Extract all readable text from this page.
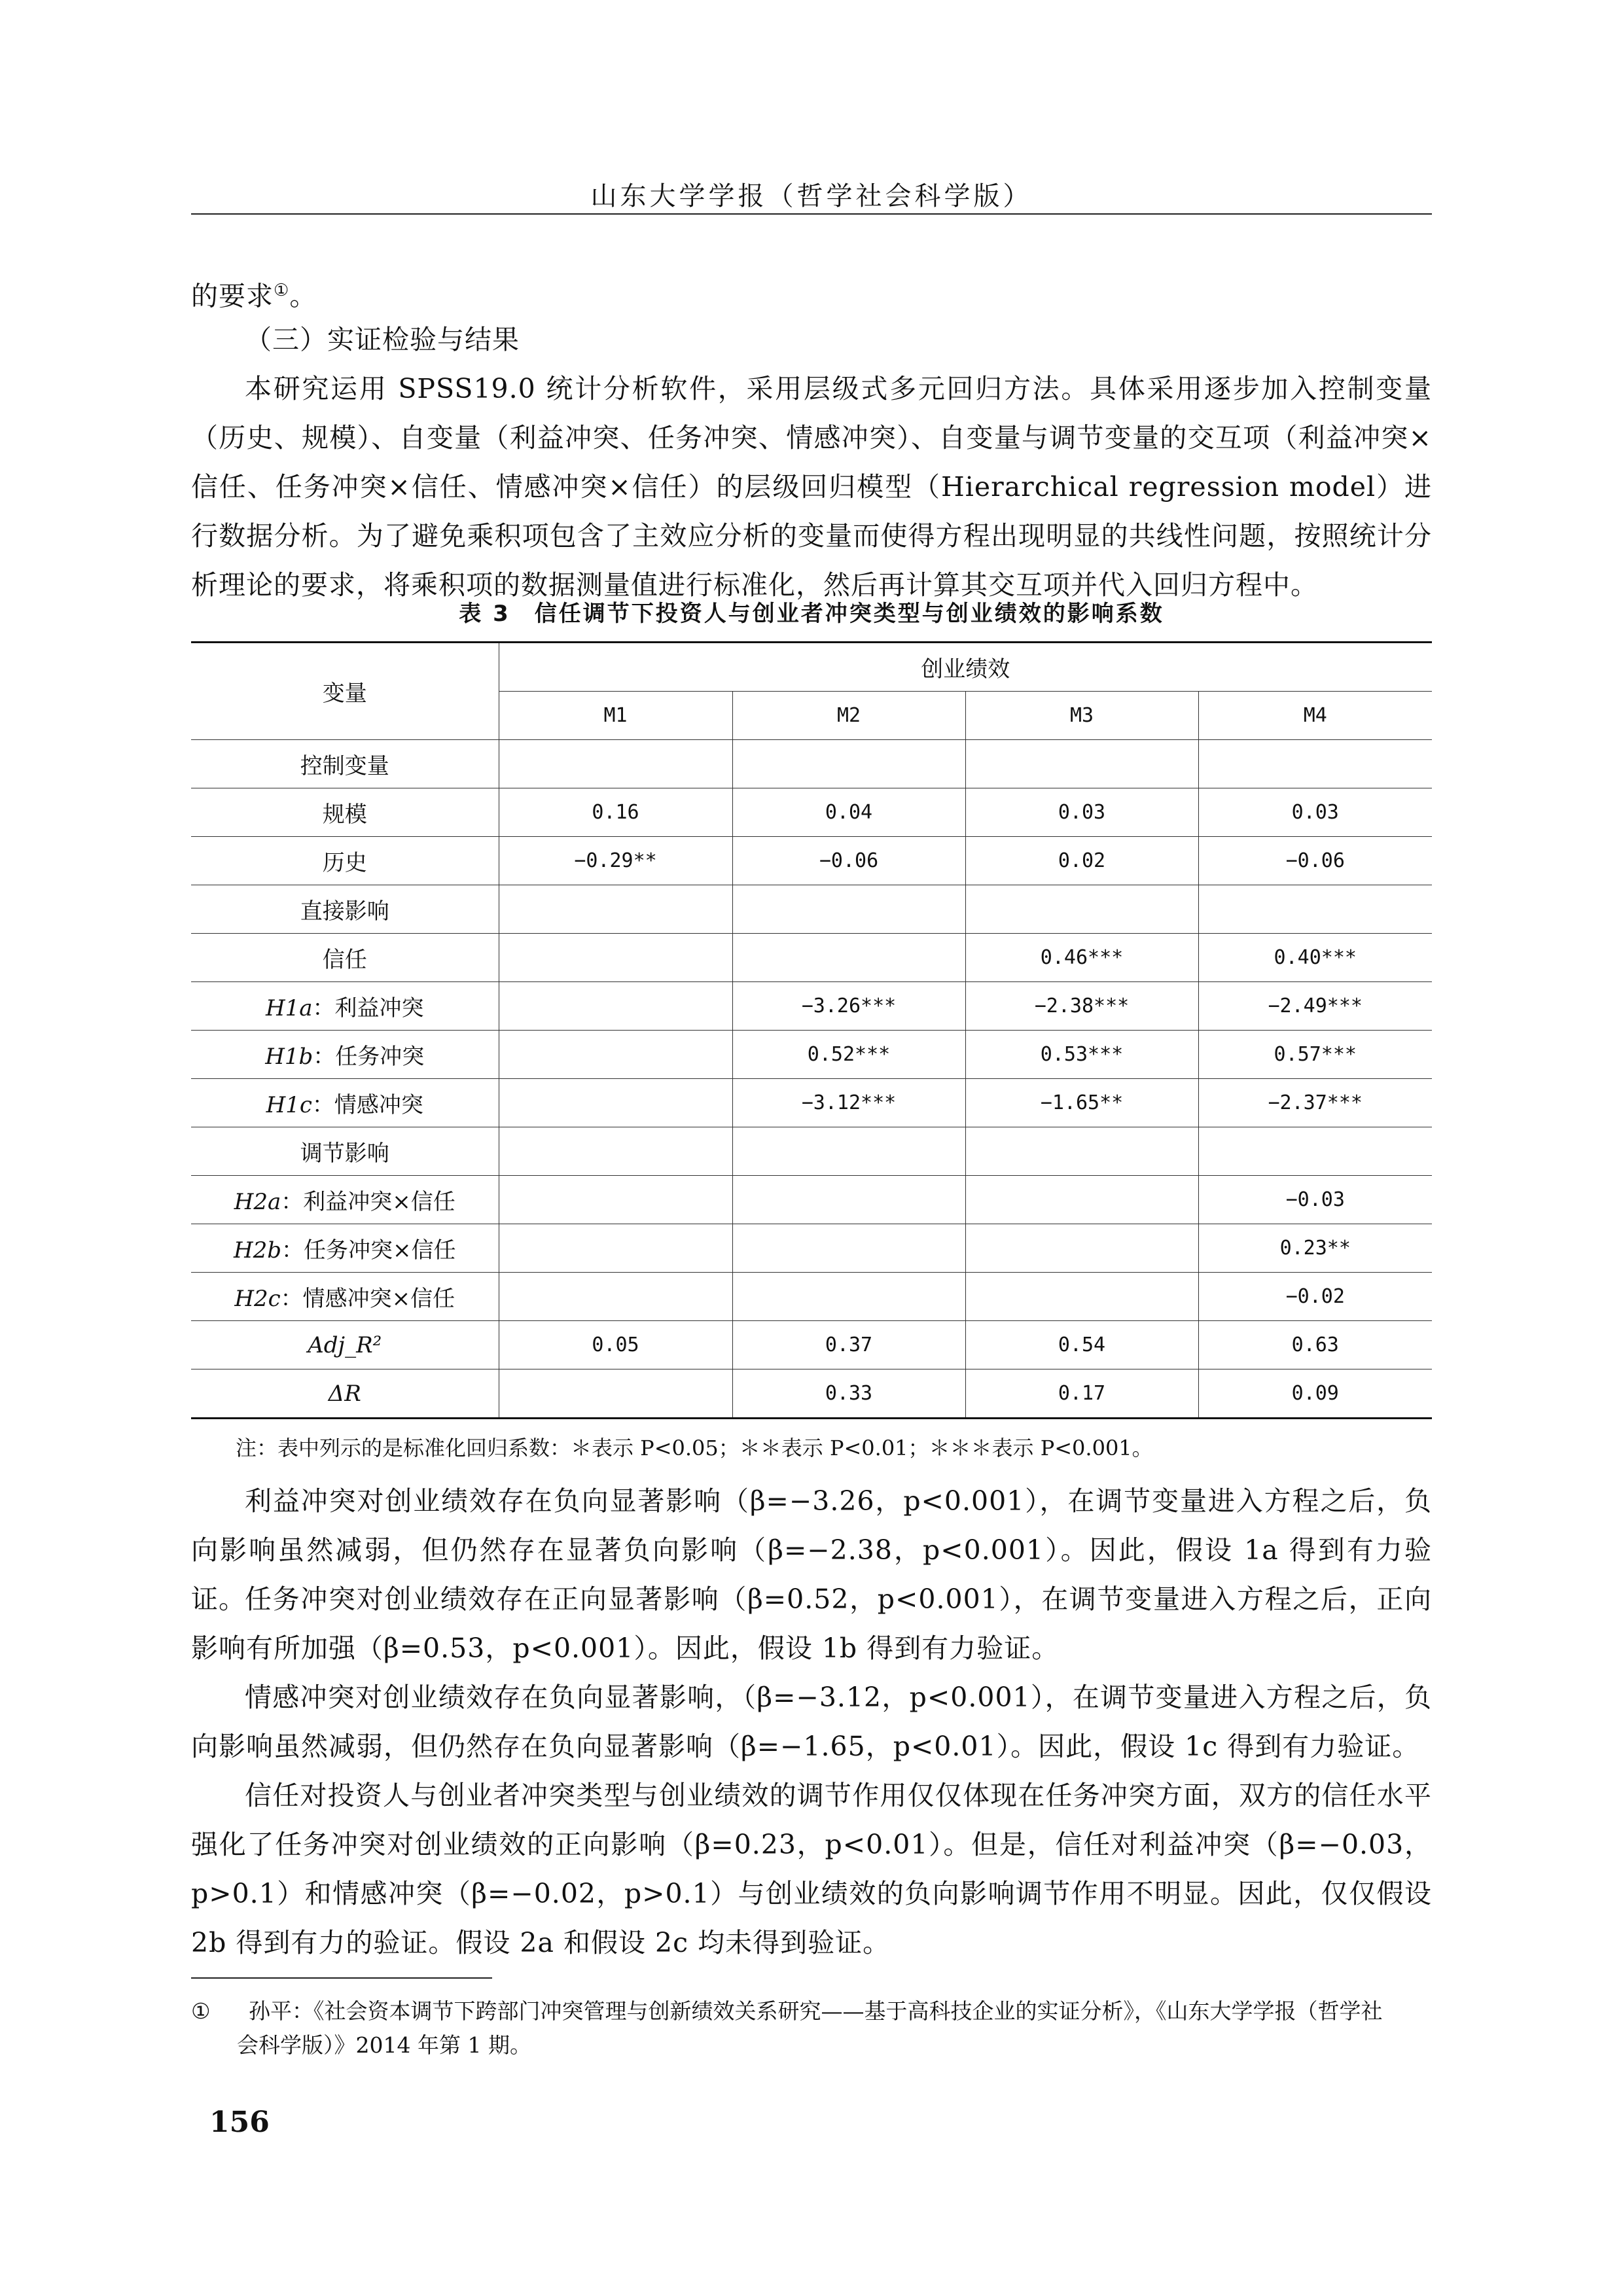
山东大学学报（哲学社会科学版）
的要求①。
（三）实证检验与结果
本研究运用 SPSS19.0 统计分析软件，采用层级式多元回归方法。具体采用逐步加入控制变量（历史、规模）、自变量（利益冲突、任务冲突、情感冲突）、自变量与调节变量的交互项（利益冲突×信任、任务冲突×信任、情感冲突×信任）的层级回归模型（Hierarchical regression model）进行数据分析。为了避免乘积项包含了主效应分析的变量而使得方程出现明显的共线性问题，按照统计分析理论的要求，将乘积项的数据测量值进行标准化，然后再计算其交互项并代入回归方程中。
表 3　信任调节下投资人与创业者冲突类型与创业绩效的影响系数
变量	创业绩效			
	M1	M2	M3	M4
控制变量				
规模	0.16	0.04	0.03	0.03
历史	−0.29**	−0.06	0.02	−0.06
直接影响				
信任			0.46***	0.40***
H1a：利益冲突		−3.26***	−2.38***	−2.49***
H1b：任务冲突		0.52***	0.53***	0.57***
H1c：情感冲突		−3.12***	−1.65**	−2.37***
调节影响				
H2a：利益冲突×信任				−0.03
H2b：任务冲突×信任				0.23**
H2c：情感冲突×信任				−0.02
Adj_R²	0.05	0.37	0.54	0.63
ΔR		0.33	0.17	0.09
注：表中列示的是标准化回归系数：＊表示 P<0.05；＊＊表示 P<0.01；＊＊＊表示 P<0.001。
利益冲突对创业绩效存在负向显著影响（β=−3.26，p<0.001），在调节变量进入方程之后，负向影响虽然减弱，但仍然存在显著负向影响（β=−2.38，p<0.001）。因此，假设 1a 得到有力验证。
任务冲突对创业绩效存在正向显著影响（β=0.52，p<0.001），在调节变量进入方程之后，正向影响有所加强（β=0.53，p<0.001）。因此，假设 1b 得到有力验证。
情感冲突对创业绩效存在负向显著影响，（β=−3.12，p<0.001），在调节变量进入方程之后，负向影响虽然减弱，但仍然存在负向显著影响（β=−1.65，p<0.01）。因此，假设 1c 得到有力验证。
信任对投资人与创业者冲突类型与创业绩效的调节作用仅仅体现在任务冲突方面，双方的信任水平强化了任务冲突对创业绩效的正向影响（β=0.23，p<0.01）。但是，信任对利益冲突（β=−0.03，p>0.1）和情感冲突（β=−0.02，p>0.1）与创业绩效的负向影响调节作用不明显。因此，仅仅假设 2b 得到有力的验证。假设 2a 和假设 2c 均未得到验证。
① 孙平：《社会资本调节下跨部门冲突管理与创新绩效关系研究——基于高科技企业的实证分析》，《山东大学学报（哲学社
会科学版）》2014 年第 1 期。
156
